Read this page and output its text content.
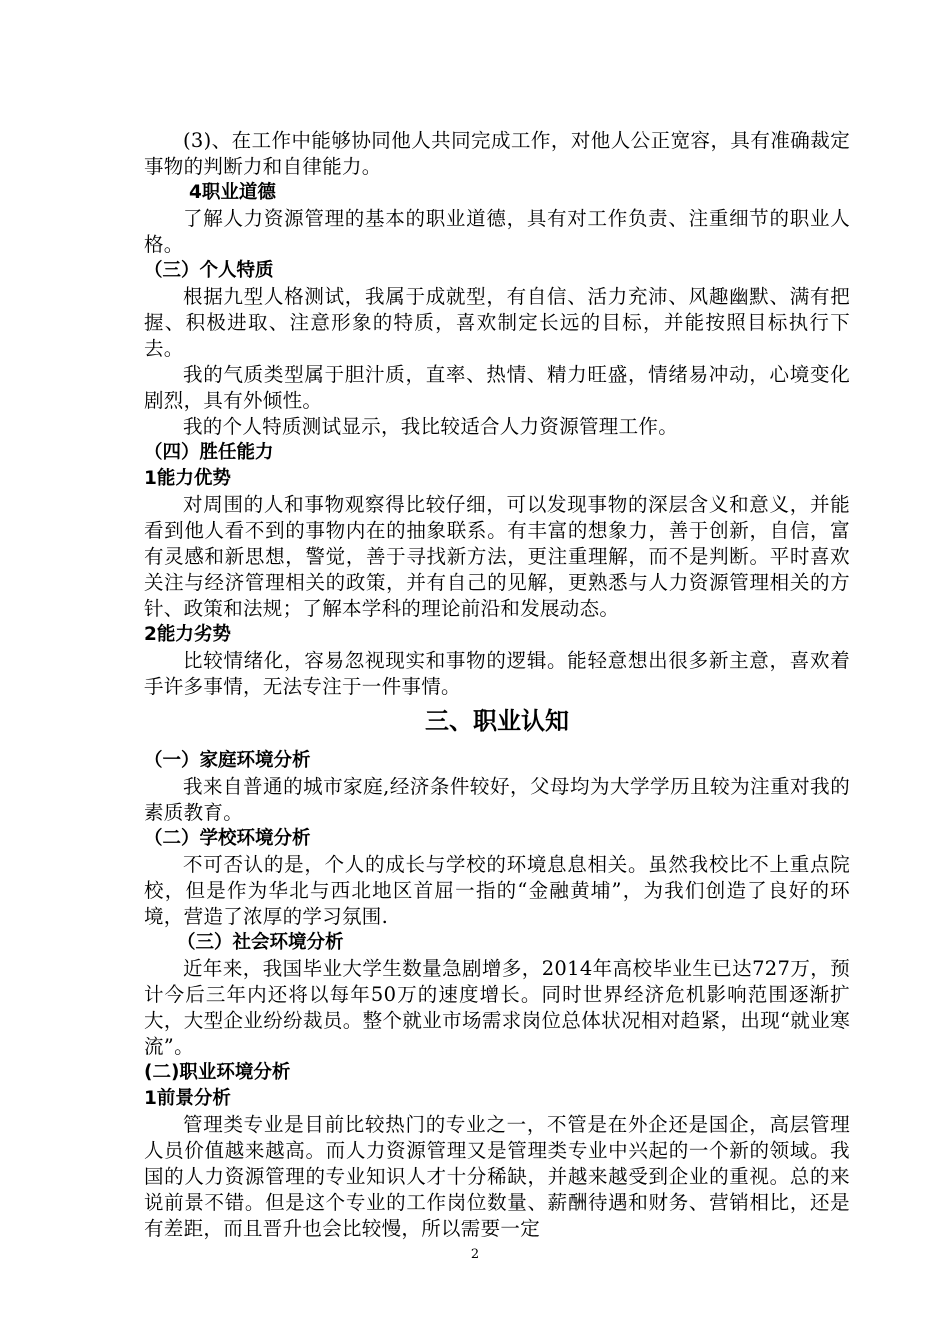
(3)、在工作中能够协同他人共同完成工作，对他人公正宽容，具有准确裁定事物的判断力和自律能力。
4职业道德
了解人力资源管理的基本的职业道德，具有对工作负责、注重细节的职业人格。
（三）个人特质
根据九型人格测试，我属于成就型，有自信、活力充沛、风趣幽默、满有把握、积极进取、注意形象的特质，喜欢制定长远的目标，并能按照目标执行下去。
我的气质类型属于胆汁质，直率、热情、精力旺盛，情绪易冲动，心境变化剧烈，具有外倾性。
我的个人特质测试显示，我比较适合人力资源管理工作。
（四）胜任能力
1能力优势
对周围的人和事物观察得比较仔细，可以发现事物的深层含义和意义，并能看到他人看不到的事物内在的抽象联系。有丰富的想象力，善于创新，自信，富有灵感和新思想，警觉，善于寻找新方法，更注重理解，而不是判断。平时喜欢关注与经济管理相关的政策，并有自己的见解，更熟悉与人力资源管理相关的方针、政策和法规；了解本学科的理论前沿和发展动态。
2能力劣势
比较情绪化，容易忽视现实和事物的逻辑。能轻意想出很多新主意，喜欢着手许多事情，无法专注于一件事情。
三、职业认知
（一）家庭环境分析
我来自普通的城市家庭,经济条件较好，父母均为大学学历且较为注重对我的素质教育。
（二）学校环境分析
不可否认的是，个人的成长与学校的环境息息相关。虽然我校比不上重点院校，但是作为华北与西北地区首屈一指的“金融黄埔”，为我们创造了良好的环境，营造了浓厚的学习氛围.
（三）社会环境分析
近年来，我国毕业大学生数量急剧增多，2014年高校毕业生已达727万，预计今后三年内还将以每年50万的速度增长。同时世界经济危机影响范围逐渐扩大，大型企业纷纷裁员。整个就业市场需求岗位总体状况相对趋紧，出现“就业寒流”。
(二)职业环境分析
1前景分析
管理类专业是目前比较热门的专业之一，不管是在外企还是国企，高层管理人员价值越来越高。而人力资源管理又是管理类专业中兴起的一个新的领域。我国的人力资源管理的专业知识人才十分稀缺，并越来越受到企业的重视。总的来说前景不错。但是这个专业的工作岗位数量、薪酬待遇和财务、营销相比，还是有差距，而且晋升也会比较慢，所以需要一定
2
